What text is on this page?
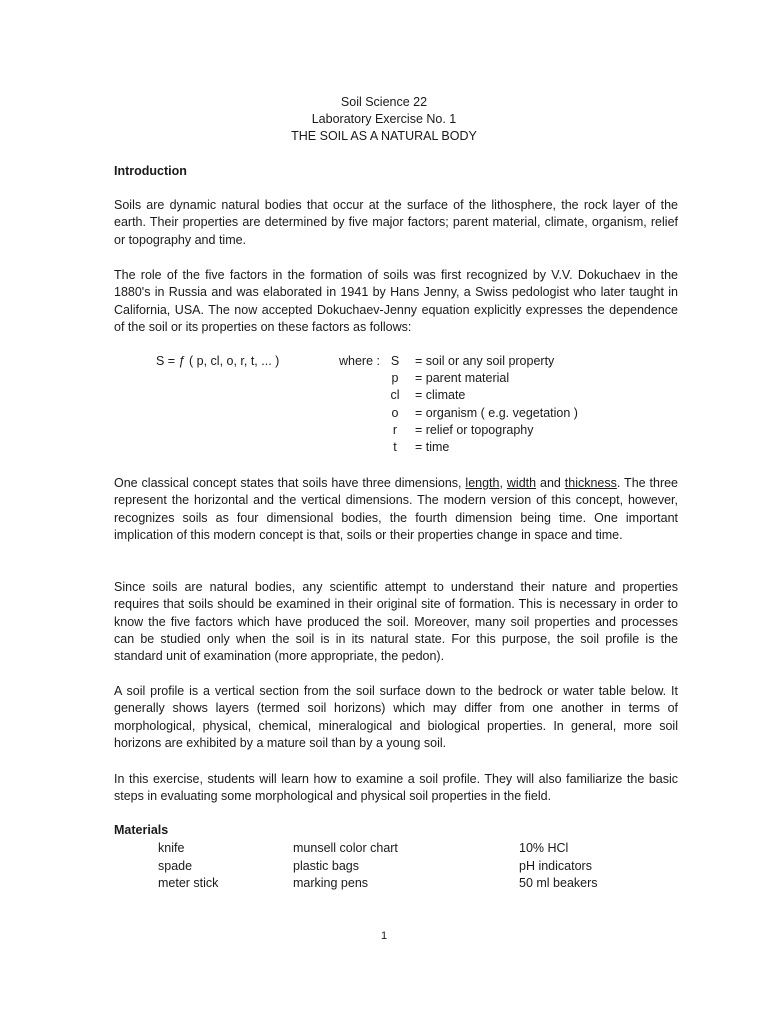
Soil Science 22
Laboratory Exercise No. 1
THE SOIL AS A NATURAL BODY
Introduction

Soils are dynamic natural bodies that occur at the surface of the lithosphere, the rock layer of the earth. Their properties are determined by five major factors; parent material, climate, organism, relief or topography and time.

The role of the five factors in the formation of soils was first recognized by V.V. Dokuchaev in the 1880's in Russia and was elaborated in 1941 by Hans Jenny, a Swiss pedologist who later taught in California, USA. The now accepted Dokuchaev-Jenny equation explicitly expresses the dependence of the soil or its properties on these factors as follows:

S = ƒ ( p, cl, o, r, t, ... )	where : S
p
cl
o
r
t
= soil or any soil property
= parent material
= climate
= organism ( e.g. vegetation )
= relief or topography
= time

One classical concept states that soils have three dimensions, length, width and thickness. The three represent the horizontal and the vertical dimensions. The modern version of this concept, however, recognizes soils as four dimensional bodies, the fourth dimension being time. One important implication of this modern concept is that, soils or their properties change in space and time.

Since soils are natural bodies, any scientific attempt to understand their nature and properties requires that soils should be examined in their original site of formation. This is necessary in order to know the five factors which have produced the soil. Moreover, many soil properties and processes can be studied only when the soil is in its natural state. For this purpose, the soil profile is the standard unit of examination (more appropriate, the pedon).

A soil profile is a vertical section from the soil surface down to the bedrock or water table below. It generally shows layers (termed soil horizons) which may differ from one another in terms of morphological, physical, chemical, mineralogical and biological properties. In general, more soil horizons are exhibited by a mature soil than by a young soil.

In this exercise, students will learn how to examine a soil profile. They will also familiarize the basic steps in evaluating some morphological and physical soil properties in the field.

Materials
knife
spade
meter stick
munsell color chart
plastic bags
marking pens
10% HCl
pH indicators
50 ml beakers
1
